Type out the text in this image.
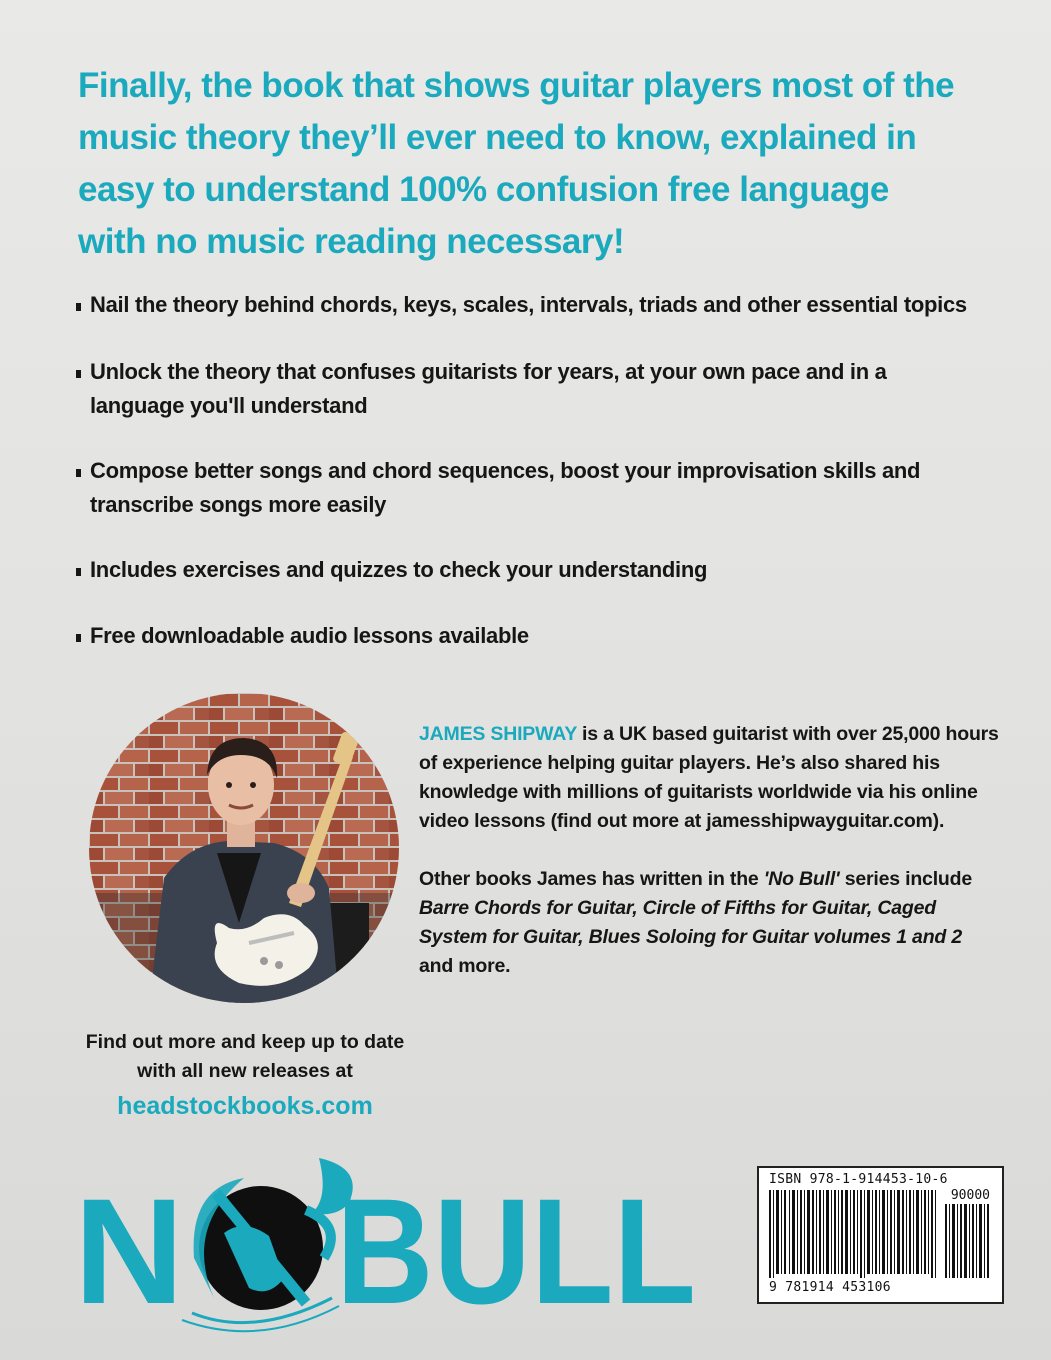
Finally, the book that shows guitar players most of the
music theory they’ll ever need to know, explained in
easy to understand 100% confusion free language
with no music reading necessary!
Nail the theory behind chords, keys, scales, intervals, triads and other essential topics
Unlock the theory that confuses guitarists for years, at your own pace and in a
language you'll understand
Compose better songs and chord sequences, boost your improvisation skills and
transcribe songs more easily
Includes exercises and quizzes to check your understanding
Free downloadable audio lessons available

JAMES SHIPWAY is a UK based guitarist with over 25,000 hours of experience helping guitar players. He’s also shared his knowledge with millions of guitarists worldwide via his online video lessons (find out more at jamesshipwayguitar.com).

Other books James has written in the 'No Bull' series include Barre Chords for Guitar, Circle of Fifths for Guitar, Caged System for Guitar, Blues Soloing for Guitar volumes 1 and 2 and more.

Find out more and keep up to date
with all new releases at
headstockbooks.com
N BULL	ISBN 978-1-914453-10-6
90000
9 781914 453106
